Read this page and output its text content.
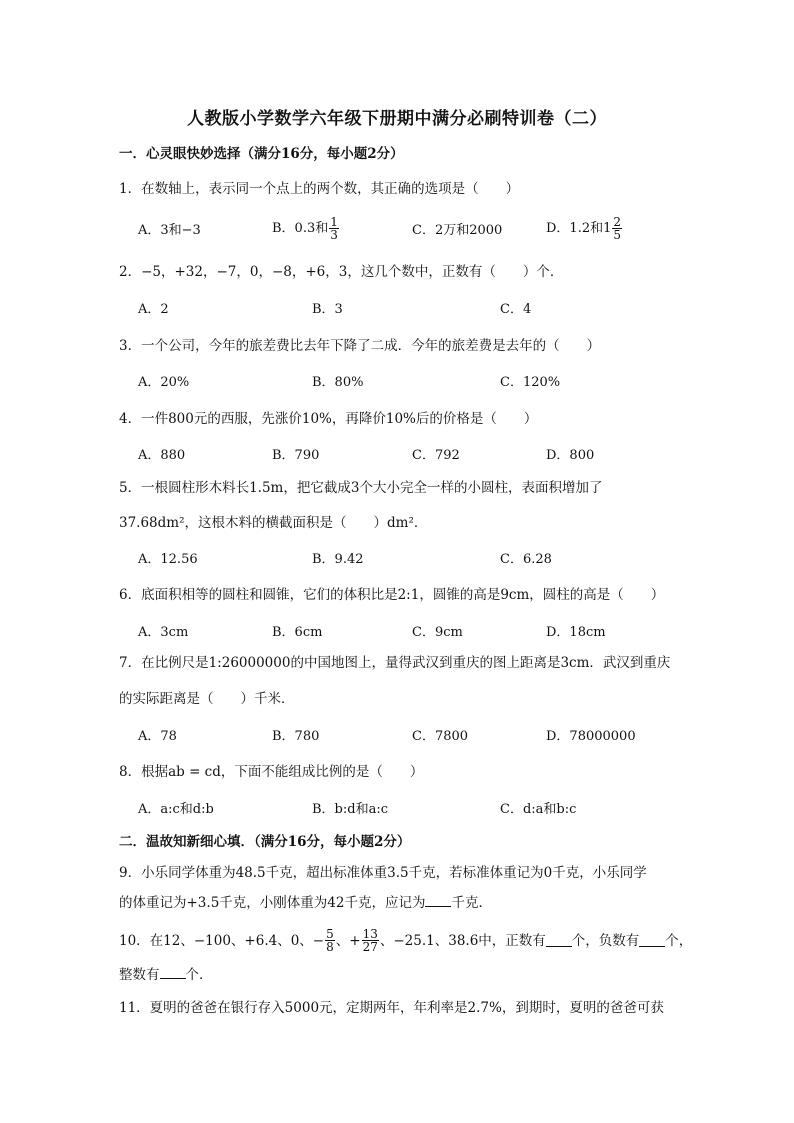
人教版小学数学六年级下册期中满分必刷特训卷（二）
一．心灵眼快妙选择（满分16分，每小题2分）
1．在数轴上，表示同一个点上的两个数，其正确的选项是（　　）
A．3和−3	B．0.3和 $\frac{1}{3}$	C．2万和2000	D．1.2和$1 \frac{2}{5}$
2．−5，+32，−7，0，−8，+6，3，这几个数中，正数有（　　）个．
A．2	B．3	C．4
3．一个公司，今年的旅差费比去年下降了二成．今年的旅差费是去年的（　　）
A．20%	B．80%	C．120%
4．一件800元的西服，先涨价10%，再降价10%后的价格是（　　）
A．880	B．790	C．792	D．800
5．一根圆柱形木料长1.5m，把它截成3个大小完全一样的小圆柱，表面积增加了
37.68dm²，这根木料的横截面积是（　　）dm²．
A．12.56	B．9.42	C．6.28
6．底面积相等的圆柱和圆锥，它们的体积比是2:1，圆锥的高是9cm，圆柱的高是（　　）
A．3cm	B．6cm	C．9cm	D．18cm
7．在比例尺是1:26000000的中国地图上，量得武汉到重庆的图上距离是3cm．武汉到重庆
的实际距离是（　　）千米．
A．78	B．780	C．7800	D．78000000
8．根据ab = cd，下面不能组成比例的是（　　）
A．a:c和d:b	B．b:d和a:c	C．d:a和b:c
二．温故知新细心填．（满分16分，每小题2分）
9．小乐同学体重为48.5千克，超出标准体重3.5千克，若标准体重记为0千克，小乐同学
的体重记为+3.5千克，小刚体重为42千克，应记为 千克．
10．在12、−100、+6.4、0、− $\frac{5}{8}$ 、+ $\frac{13}{27}$ 、−25.1、38.6中，正数有 个，负数有 个，
整数有 个．
11．夏明的爸爸在银行存入5000元，定期两年，年利率是2.7%，到期时，夏明的爸爸可获
